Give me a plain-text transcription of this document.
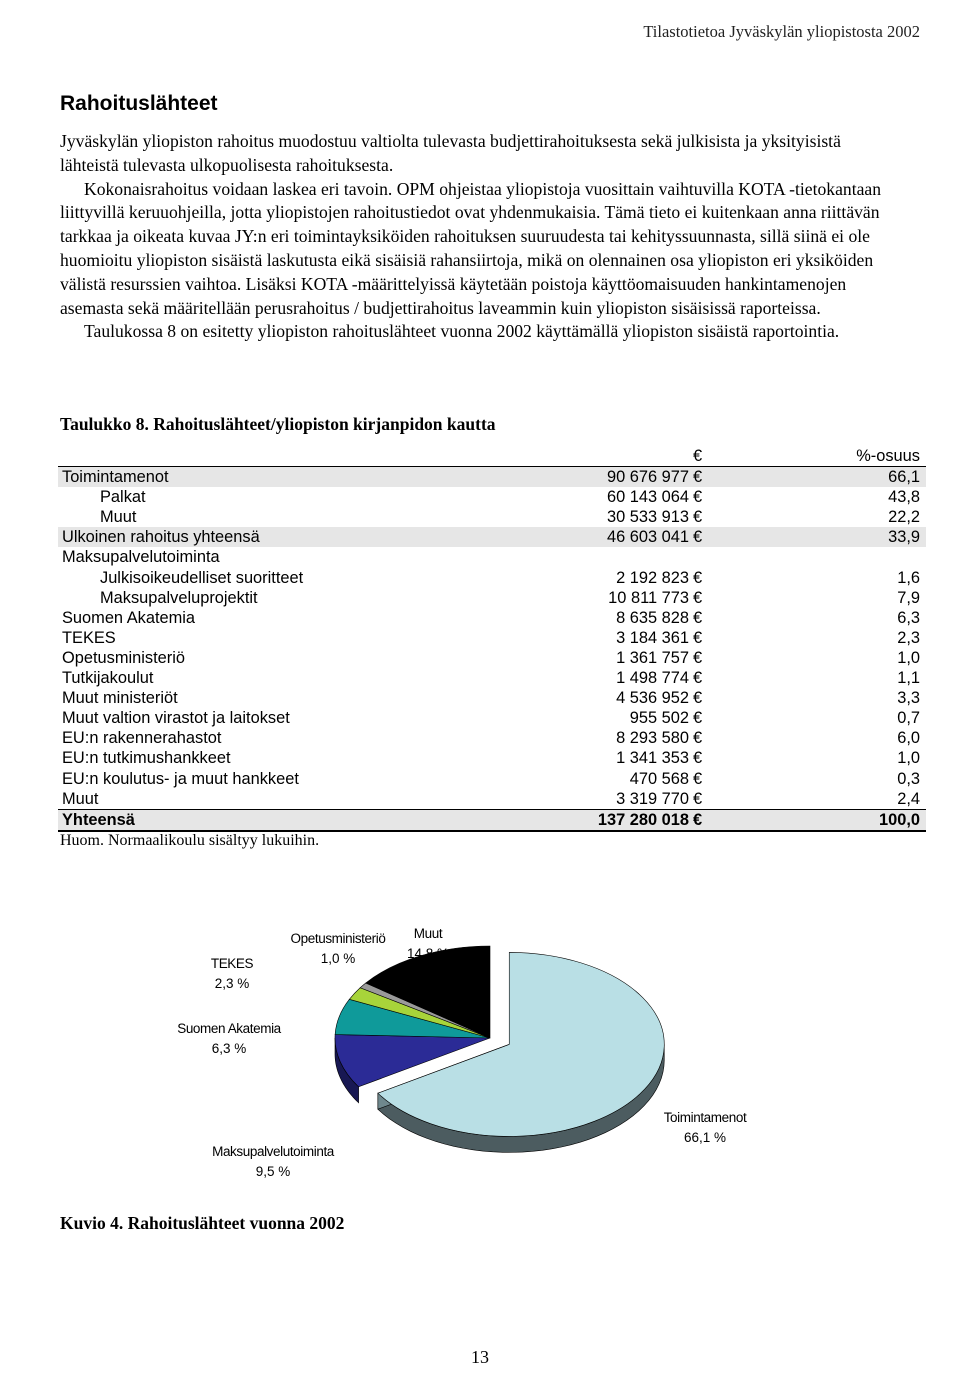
Tilastotietoa Jyväskylän yliopistosta 2002
Rahoituslähteet

Jyväskylän yliopiston rahoitus muodostuu valtiolta tulevasta budjettirahoituksesta sekä julkisista ja yksityisistä lähteistä tulevasta ulkopuolisesta rahoituksesta.

Kokonaisrahoitus voidaan laskea eri tavoin. OPM ohjeistaa yliopistoja vuosittain vaihtuvilla KOTA -tietokantaan liittyvillä keruuohjeilla, jotta yliopistojen rahoitustiedot ovat yhdenmukaisia. Tämä tieto ei kuitenkaan anna riittävän tarkkaa ja oikeata kuvaa JY:n eri toimintayksiköiden rahoituksen suuruudesta tai kehityssuunnasta, sillä siinä ei ole huomioitu yliopiston sisäistä laskutusta eikä sisäisiä rahansiirtoja, mikä on olennainen osa yliopiston eri yksiköiden välistä resurssien vaihtoa. Lisäksi KOTA -määrittelyissä käytetään poistoja käyttöomaisuuden hankintamenojen asemasta sekä määritellään perusrahoitus / budjettirahoitus laveammin kuin yliopiston sisäisissä raporteissa.

Taulukossa 8 on esitetty yliopiston rahoituslähteet vuonna 2002 käyttämällä yliopiston sisäistä raportointia.

Taulukko 8. Rahoituslähteet/yliopiston kirjanpidon kautta
		€	%-osuus
Toimintamenot	90 676 977	€	66,1
Palkat	60 143 064	€	43,8
Muut	30 533 913	€	22,2
Ulkoinen rahoitus yhteensä	46 603 041	€	33,9
Maksupalvelutoiminta			
Julkisoikeudelliset suoritteet	2 192 823	€	1,6
Maksupalveluprojektit	10 811 773	€	7,9
Suomen Akatemia	8 635 828	€	6,3
TEKES	3 184 361	€	2,3
Opetusministeriö	1 361 757	€	1,0
Tutkijakoulut	1 498 774	€	1,1
Muut ministeriöt	4 536 952	€	3,3
Muut valtion virastot ja laitokset	955 502	€	0,7
EU:n rakennerahastot	8 293 580	€	6,0
EU:n tutkimushankkeet	1 341 353	€	1,0
EU:n koulutus- ja muut hankkeet	470 568	€	0,3
Muut	3 319 770	€	2,4
Yhteensä	137 280 018	€	100,0
Huom. Normaalikoulu sisältyy lukuihin.
Toimintamenot
66,1 %
Maksupalvelutoiminta
9,5 %
Suomen Akatemia
6,3 %
TEKES
2,3 %
Opetusministeriö
1,0 %
Muut
14,8 %
Kuvio 4. Rahoituslähteet vuonna 2002
13
